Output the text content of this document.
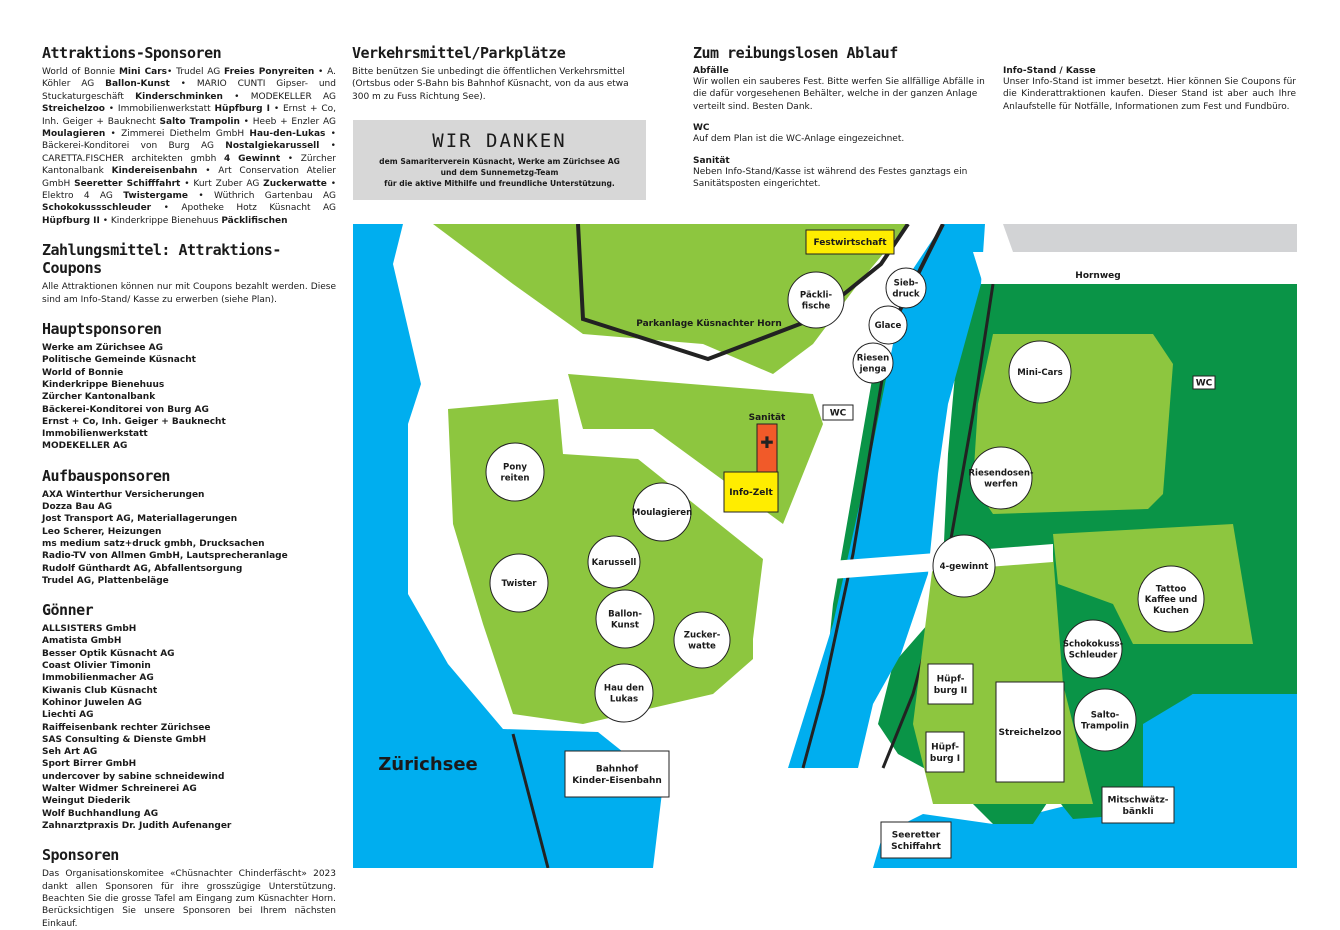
Attraktions-Sponsoren

World of Bonnie Mini Cars• Trudel AG Freies Ponyreiten • A. Köhler AG Ballon-Kunst • MARIO CUNTI Gipser- und Stuckaturgeschäft Kinderschminken • MODEKELLER AG Streichelzoo • Immobilienwerkstatt Hüpfburg I • Ernst + Co, Inh. Geiger + Bauknecht Salto Trampolin • Heeb + Enzler AG Moulagieren • Zimmerei Diethelm GmbH Hau-den-Lukas • Bäckerei-Konditorei von Burg AG Nostalgiekarussell • CARETTA.FISCHER architekten gmbh 4 Gewinnt • Zürcher Kantonalbank Kindereisenbahn • Art Conservation Atelier GmbH Seeretter Schifffahrt • Kurt Zuber AG Zuckerwatte • Elektro 4 AG Twistergame • Wüthrich Gartenbau AG Schokokussschleuder • Apotheke Hotz Küsnacht AG Hüpfburg II • Kinderkrippe Bienehuus Päcklifischen

Zahlungsmittel: Attraktions-Coupons

Alle Attraktionen können nur mit Coupons bezahlt werden. Diese sind am Info-Stand/ Kasse zu erwerben (siehe Plan).

Hauptsponsoren
Werke am Zürichsee AG
Politische Gemeinde Küsnacht
World of Bonnie
Kinderkrippe Bienehuus
Zürcher Kantonalbank
Bäckerei-Konditorei von Burg AG
Ernst + Co, Inh. Geiger + Bauknecht
Immobilienwerkstatt
MODEKELLER AG
Aufbausponsoren
AXA Winterthur Versicherungen
Dozza Bau AG
Jost Transport AG, Materiallagerungen
Leo Scherer, Heizungen
ms medium satz+druck gmbh, Drucksachen
Radio-TV von Allmen GmbH, Lautsprecheranlage
Rudolf Günthardt AG, Abfallentsorgung
Trudel AG, Plattenbeläge
Gönner
ALLSISTERS GmbH
Amatista GmbH
Besser Optik Küsnacht AG
Coast Olivier Timonin
Immobilienmacher AG
Kiwanis Club Küsnacht
Kohinor Juwelen AG
Liechti AG
Raiffeisenbank rechter Zürichsee
SAS Consulting & Dienste GmbH
Seh Art AG
Sport Birrer GmbH
undercover by sabine schneidewind
Walter Widmer Schreinerei AG
Weingut Diederik
Wolf Buchhandlung AG
Zahnarztpraxis Dr. Judith Aufenanger
Sponsoren

Das Organisationskomitee «Chüsnachter Chinderfäscht» 2023 dankt allen Sponsoren für ihre grosszügige Unterstützung. Beachten Sie die grosse Tafel am Eingang zum Küsnachter Horn. Berücksichtigen Sie unsere Sponsoren bei Ihrem nächsten Einkauf.

Verkehrsmittel/Parkplätze

Bitte benützen Sie unbedingt die öffentlichen Verkehrsmittel (Ortsbus oder S-Bahn bis Bahnhof Küsnacht, von da aus etwa 300 m zu Fuss Richtung See).

WIR DANKEN
dem Samariterverein Küsnacht, Werke am Zürichsee AG
und dem Sunnemetzg-Team
für die aktive Mithilfe und freundliche Unterstützung.
Zum reibungslosen Ablauf

Abfälle

Wir wollen ein sauberes Fest. Bitte werfen Sie allfällige Abfälle in die dafür vorgesehenen Behälter, welche in der ganzen Anlage verteilt sind. Besten Dank.

WC

Auf dem Plan ist die WC-Anlage eingezeichnet.

Sanität

Neben Info-Stand/Kasse ist während des Festes ganztags ein Sanitätsposten eingerichtet.

Info-Stand / Kasse

Unser Info-Stand ist immer besetzt. Hier können Sie Coupons für die Kinderattraktionen kaufen. Dieser Stand ist aber auch Ihre Anlaufstelle für Notfälle, Informationen zum Fest und Fundbüro.

Festwirtschaft
Sanität
✚
Info-Zelt
WC
WC
Hornweg
Parkanlage Küsnachter Horn
Zürichsee	Bahnhof
Kinder-Eisenbahn
Seeretter
Schiffahrt
Mitschwätz-
bänkli
Streichelzoo
Hüpf-
burg II
Hüpf-
burg I
Päckli-
fische
Sieb-
druck
Glace
Riesen
jenga	Mini-Cars
Pony
reiten
Moulagieren
Karussell
Twister
Ballon-
Kunst
Zucker-
watte
Hau den
Lukas
Riesendosen-
werfen
4-gewinnt
Tattoo
Kaffee und
Kuchen
Schokokuss-
Schleuder
Salto-
Trampolin
